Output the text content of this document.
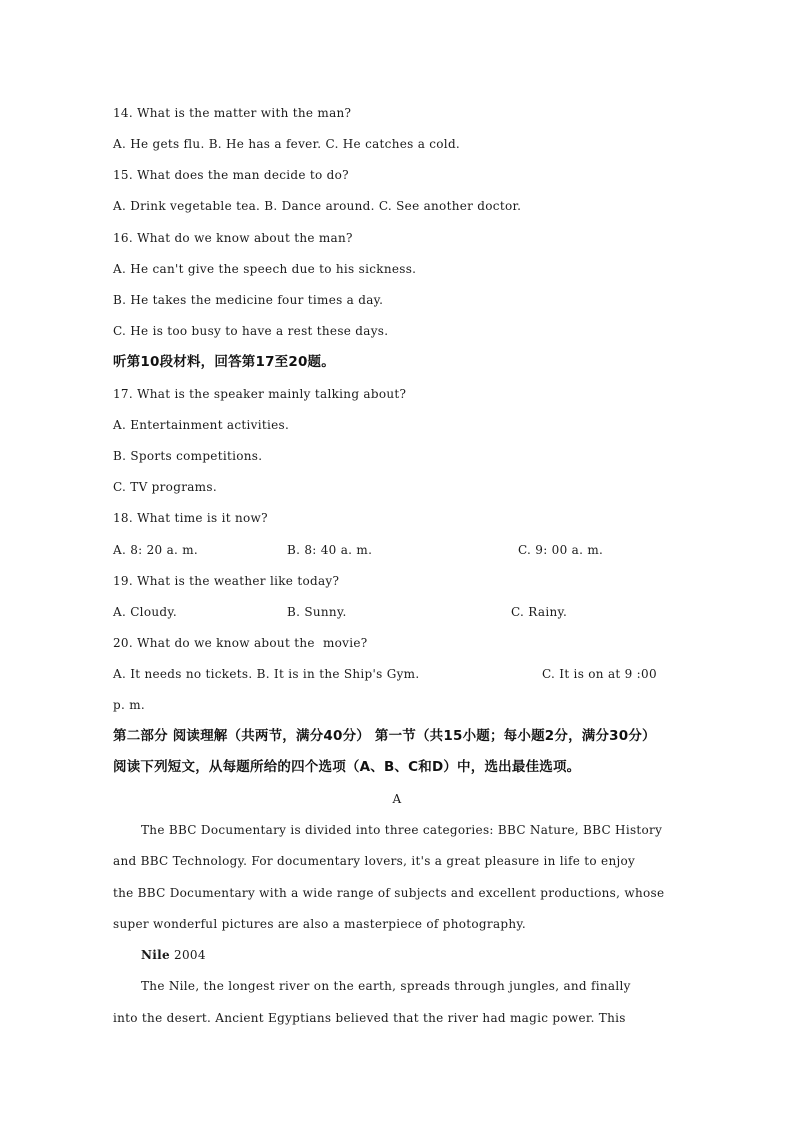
14. What is the matter with the man?
A. He gets flu. B. He has a fever. C. He catches a cold.
15. What does the man decide to do?
A. Drink vegetable tea. B. Dance around. C. See another doctor.
16. What do we know about the man?
A. He can't give the speech due to his sickness.
B. He takes the medicine four times a day.
C. He is too busy to have a rest these days.
听第10段材料，回答第17至20题。
17. What is the speaker mainly talking about?
A. Entertainment activities.
B. Sports competitions.
C. TV programs.
18. What time is it now?
A. 8: 20 a. m.	B. 8: 40 a. m.	C. 9: 00 a. m.
19. What is the weather like today?
A. Cloudy.	B. Sunny.	C. Rainy.
20. What do we know about the  movie?
A. It needs no tickets. B. It is in the Ship's Gym.	C. It is on at 9 :00
p. m.
第二部分 阅读理解（共两节，满分40分） 第一节（共15小题；每小题2分，满分30分）
阅读下列短文，从每题所给的四个选项（A、B、C和D）中，选出最佳选项。
A
The BBC Documentary is divided into three categories: BBC Nature, BBC History
and BBC Technology. For documentary lovers, it's a great pleasure in life to enjoy
the BBC Documentary with a wide range of subjects and excellent productions, whose
super wonderful pictures are also a masterpiece of photography.
Nile 2004
The Nile, the longest river on the earth, spreads through jungles, and finally
into the desert. Ancient Egyptians believed that the river had magic power. This
